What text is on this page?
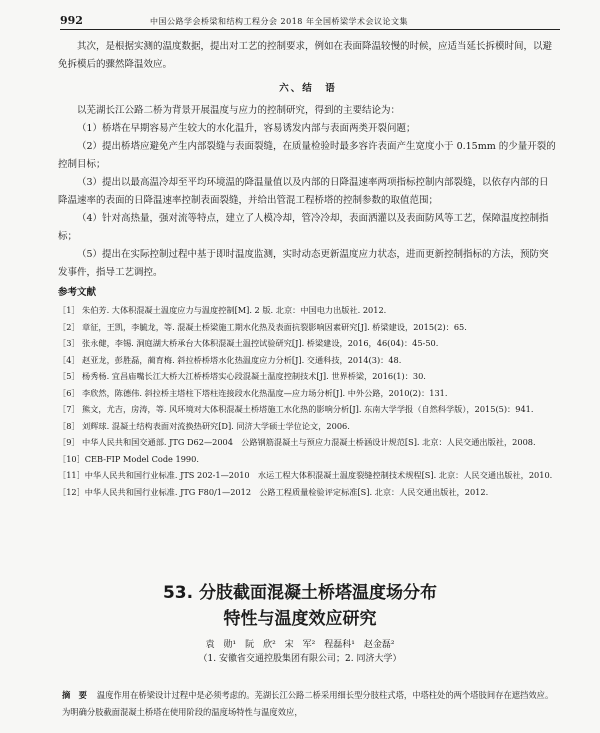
992	中国公路学会桥梁和结构工程分会 2018 年全国桥梁学术会议论文集

其次，是根据实测的温度数据，提出对工艺的控制要求，例如在表面降温较慢的时候，应适当延长拆模时间，以避免拆模后的骤然降温效应。

六、结　语

以芜湖长江公路二桥为背景开展温度与应力的控制研究，得到的主要结论为：

（1）桥塔在早期容易产生较大的水化温升，容易诱发内部与表面两类开裂问题；

（2）提出桥塔应避免产生内部裂缝与表面裂缝，在质量检验时最多容许表面产生宽度小于 0.15mm 的少量开裂的控制目标；

（3）提出以最高温冷却至平均环境温的降温量值以及内部的日降温速率两项指标控制内部裂缝，以依存内部的日降温速率的表面的日降温速率控制表面裂缝，并给出管混工程桥塔的控制参数的取值范围；

（4）针对高热量，强对流等特点，建立了人模冷却，管冷冷却，表面洒灌以及表面防风等工艺，保障温度控制指标；

（5）提出在实际控制过程中基于即时温度监测，实时动态更新温度应力状态，进而更新控制指标的方法，预防突发事件，指导工艺调控。

参考文献
［1］ 朱伯芳. 大体积混凝土温度应力与温度控制[M]. 2 版. 北京：中国电力出版社. 2012.
［2］ 章征，王凯，李毓龙，等. 混凝土桥梁施工期水化热及表面抗裂影响因素研究[J]. 桥梁建设，2015(2)：65.
［3］ 张永健，李锡. 洞庭湖大桥承台大体积混凝土温控试验研究[J]. 桥梁建设，2016，46(04)：45-50.
［4］ 赵亚龙，彭胜磊，蔺育梅. 斜拉桥桥塔水化热温度应力分析[J]. 交通科技，2014(3)：48.
［5］ 杨秀杨. 宜昌庙嘴长江大桥大江桥桥塔实心段混凝土温度控制技术[J]. 世界桥梁，2016(1)：30.
［6］ 李欣然，陈德伟. 斜拉桥主塔柱下塔柱连接段水化热温度—应力场分析[J]. 中外公路，2010(2)：131.
［7］ 熊文，尤吉，房涛，等. 风环境对大体积混凝土桥塔施工水化热的影响分析[J]. 东南大学学报（自然科学版），2015(5)：941.
［8］ 刘辉球. 混凝土结构表面对流换热研究[D]. 同济大学硕士学位论文，2006.
［9］ 中华人民共和国交通部. JTG D62—2004　公路钢筋混凝土与预应力混凝土桥涵设计规范[S]. 北京：人民交通出版社，2008.
［10］ CEB-FIP Model Code 1990.
［11］ 中华人民共和国行业标准. JTS 202-1—2010　水运工程大体积混凝土温度裂缝控制技术规程[S]. 北京：人民交通出版社，2010.
［12］ 中华人民共和国行业标准. JTG F80/1—2012　公路工程质量检验评定标准[S]. 北京：人民交通出版社，2012.
53. 分肢截面混凝土桥塔温度场分布
特性与温度效应研究
袁　勋¹　阮　欣²　宋　军²　程磊科¹　赵金磊²
（1. 安徽省交通控股集团有限公司；2. 同济大学）
摘　要 温度作用在桥梁设计过程中是必须考虑的。芜湖长江公路二桥采用细长型分肢柱式塔，中塔柱处的两个塔肢间存在遮挡效应。为明确分肢截面混凝土桥塔在使用阶段的温度场特性与温度效应，
